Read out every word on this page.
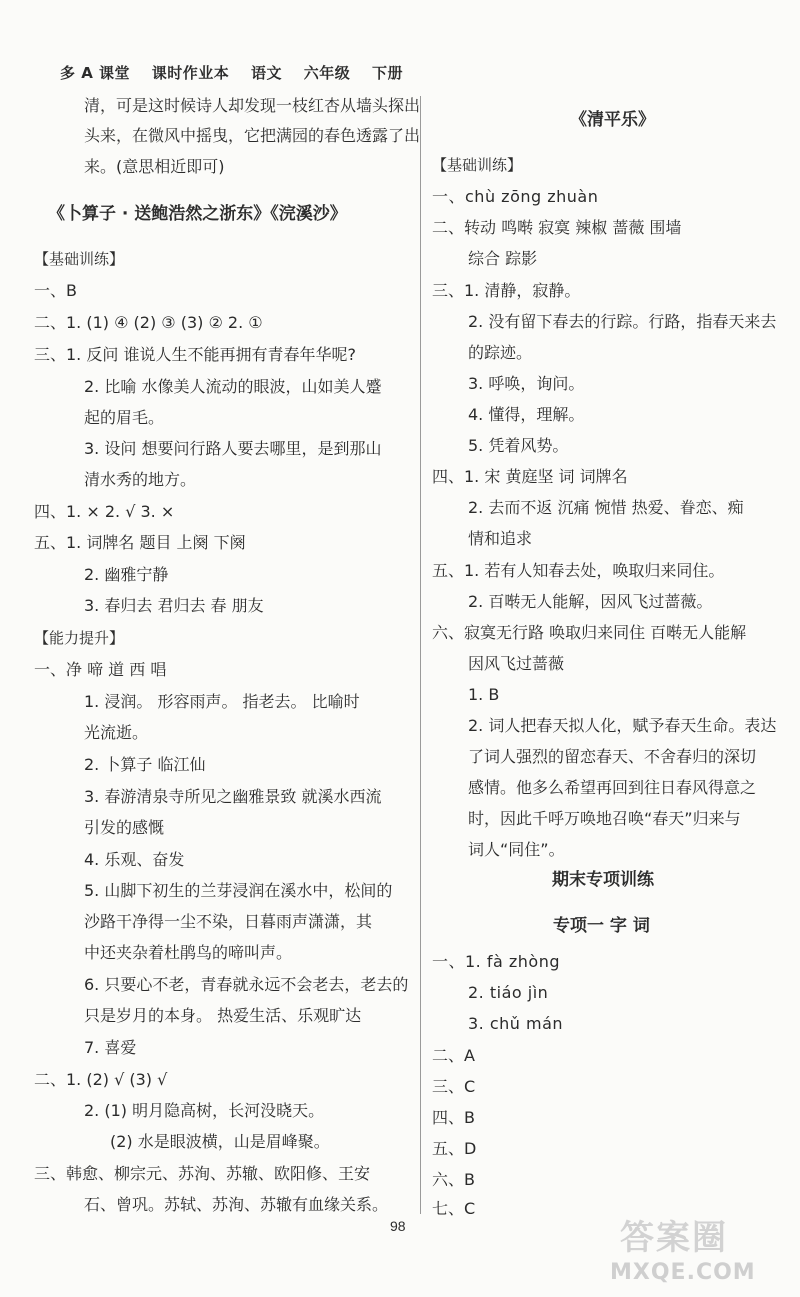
多 A 课堂 课时作业本 语文 六年级 下册
清，可是这时候诗人却发现一枝红杏从墙头探出
头来，在微风中摇曳，它把满园的春色透露了出
来。(意思相近即可)
《卜算子 · 送鲍浩然之浙东》《浣溪沙》
【基础训练】
一、B
二、1. (1) ④ (2) ③ (3) ② 2. ①
三、1. 反问 谁说人生不能再拥有青春年华呢?
2. 比喻 水像美人流动的眼波，山如美人蹙
起的眉毛。
3. 设问 想要问行路人要去哪里，是到那山
清水秀的地方。
四、1. × 2. √ 3. ×
五、1. 词牌名 题目 上阕 下阕
2. 幽雅宁静
3. 春归去 君归去 春 朋友
【能力提升】
一、净 啼 道 西 唱
1. 浸润。 形容雨声。 指老去。 比喻时
光流逝。
2. 卜算子 临江仙
3. 春游清泉寺所见之幽雅景致 就溪水西流
引发的感慨
4. 乐观、奋发
5. 山脚下初生的兰芽浸润在溪水中，松间的
沙路干净得一尘不染，日暮雨声潇潇，其
中还夹杂着杜鹃鸟的啼叫声。
6. 只要心不老，青春就永远不会老去，老去的
只是岁月的本身。 热爱生活、乐观旷达
7. 喜爱
二、1. (2) √ (3) √
2. (1) 明月隐高树，长河没晓天。
(2) 水是眼波横，山是眉峰聚。
三、韩愈、柳宗元、苏洵、苏辙、欧阳修、王安
石、曾巩。苏轼、苏洵、苏辙有血缘关系。
《清平乐》
【基础训练】
一、chù zōng zhuàn
二、转动 鸣啭 寂寞 辣椒 蔷薇 围墙
综合 踪影
三、1. 清静，寂静。
2. 没有留下春去的行踪。行路，指春天来去
的踪迹。
3. 呼唤，询问。
4. 懂得，理解。
5. 凭着风势。
四、1. 宋 黄庭坚 词 词牌名
2. 去而不返 沉痛 惋惜 热爱、眷恋、痴
情和追求
五、1. 若有人知春去处，唤取归来同住。
2. 百啭无人能解，因风飞过蔷薇。
六、寂寞无行路 唤取归来同住 百啭无人能解
因风飞过蔷薇
1. B
2. 词人把春天拟人化，赋予春天生命。表达
了词人强烈的留恋春天、不舍春归的深切
感情。他多么希望再回到往日春风得意之
时，因此千呼万唤地召唤“春天”归来与
词人“同住”。
期末专项训练
专项一 字 词
一、1. fà zhòng
2. tiáo jìn
3. chǔ mán
二、A
三、C
四、B
五、D
六、B
七、C
98	答案圈
MXQE.COM
